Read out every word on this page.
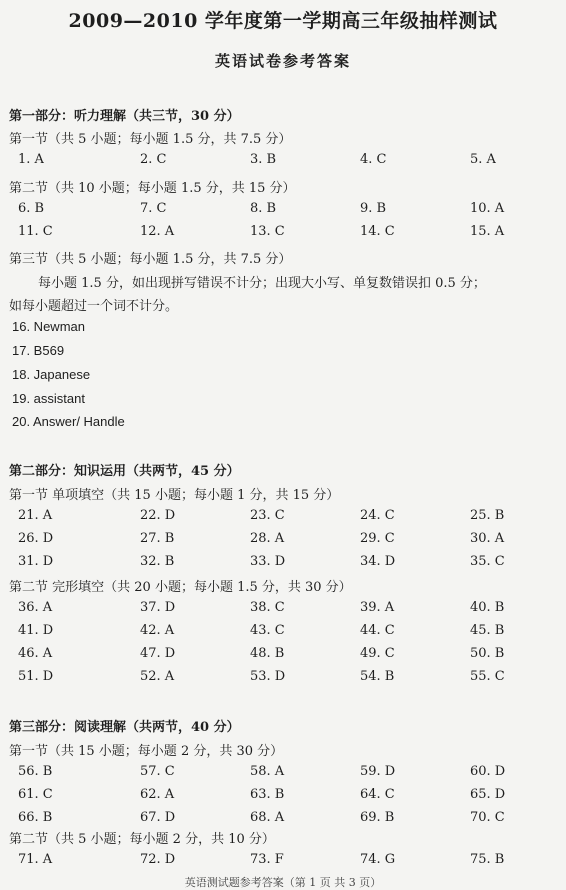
2009—2010 学年度第一学期高三年级抽样测试
英语试卷参考答案
第一部分：听力理解（共三节，30 分）
第一节（共 5 小题；每小题 1.5 分，共 7.5 分）
1. A	2. C	3. B	4. C	5. A
第二节（共 10 小题；每小题 1.5 分，共 15 分）
6. B	7. C	8. B	9. B	10. A
11. C	12. A	13. C	14. C	15. A
第三节（共 5 小题；每小题 1.5 分，共 7.5 分）
每小题 1.5 分，如出现拼写错误不计分；出现大小写、单复数错误扣 0.5 分；
如每小题超过一个词不计分。
16. Newman
17. B569
18. Japanese
19. assistant
20. Answer/ Handle
第二部分：知识运用（共两节，45 分）
第一节 单项填空（共 15 小题；每小题 1 分，共 15 分）
21. A	22. D	23. C	24. C	25. B
26. D	27. B	28. A	29. C	30. A
31. D	32. B	33. D	34. D	35. C
第二节 完形填空（共 20 小题；每小题 1.5 分，共 30 分）
36. A	37. D	38. C	39. A	40. B
41. D	42. A	43. C	44. C	45. B
46. A	47. D	48. B	49. C	50. B
51. D	52. A	53. D	54. B	55. C
第三部分：阅读理解（共两节，40 分）
第一节（共 15 小题；每小题 2 分，共 30 分）
56. B	57. C	58. A	59. D	60. D
61. C	62. A	63. B	64. C	65. D
66. B	67. D	68. A	69. B	70. C
第二节（共 5 小题；每小题 2 分，共 10 分）
71. A	72. D	73. F	74. G	75. B
英语测试题参考答案（第 1 页 共 3 页）
